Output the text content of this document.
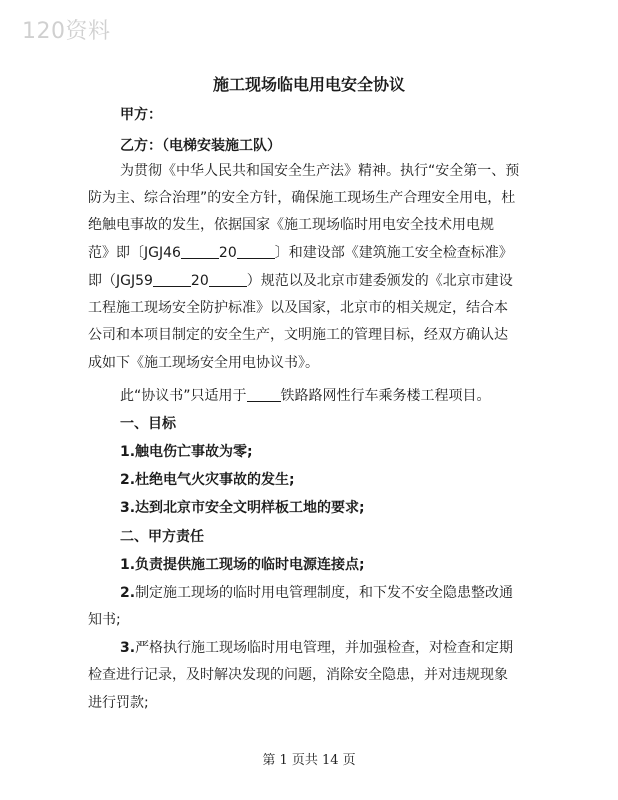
120资料
施工现场临电用电安全协议
甲方：
乙方：（电梯安装施工队）
为贯彻《中华人民共和国安全生产法》精神。执行“安全第一、预
防为主、综合治理”的安全方针，确保施工现场生产合理安全用电，杜
绝触电事故的发生，依据国家《施工现场临时用电安全技术用电规
范》即〔JGJ46	20	〕和建设部《建筑施工安全检查标准》
即（JGJ59	20	）规范以及北京市建委颁发的《北京市建设
工程施工现场安全防护标准》以及国家，北京市的相关规定，结合本
公司和本项目制定的安全生产，文明施工的管理目标，经双方确认达
成如下《施工现场安全用电协议书》。
此“协议书”只适用于 铁路路网性行车乘务楼工程项目。
一、目标
1.触电伤亡事故为零;
2.杜绝电气火灾事故的发生;
3.达到北京市安全文明样板工地的要求;
二、甲方责任
1.负责提供施工现场的临时电源连接点;
2.制定施工现场的临时用电管理制度，和下发不安全隐患整改通
知书;
3.严格执行施工现场临时用电管理，并加强检查，对检查和定期
检查进行记录，及时解决发现的问题，消除安全隐患，并对违规现象
进行罚款;
第 1 页共 14 页
